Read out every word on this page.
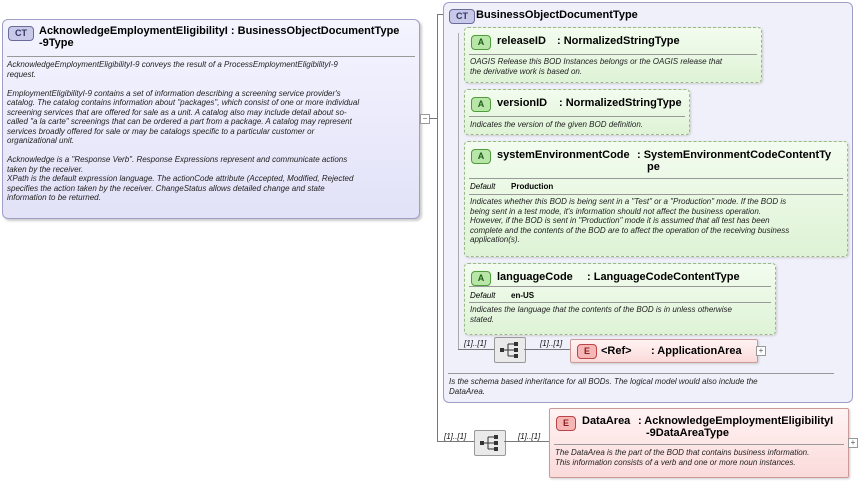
CT	AcknowledgeEmploymentEligibilityI : BusinessObjectDocumentType
-9Type
AcknowledgeEmploymentEligibilityI-9 conveys the result of a ProcessEmploymentEligibilityI-9
request.

EmploymentEligibilityI-9 contains a set of information describing a screening service provider's
catalog. The catalog contains information about "packages", which consist of one or more individual
screening services that are offered for sale as a unit. A catalog also may include detail about so-
called "a la carte" screenings that can be ordered a part from a package. A catalog may represent
services broadly offered for sale or may be catalogs specific to a particular customer or
organizational unit.

Acknowledge is a "Response Verb". Response Expressions represent and communicate actions
taken by the receiver.
XPath is the default expression language. The actionCode attribute (Accepted, Modified, Rejected
specifies the action taken by the receiver. ChangeStatus allows detailed change and state
information to be returned.
−
CT BusinessObjectDocumentType
A	releaseID : NormalizedStringType
OAGIS Release this BOD Instances belongs or the OAGIS release that
the derivative work is based on.
A	versionID : NormalizedStringType
Indicates the version of the given BOD definition.
A	systemEnvironmentCode : SystemEnvironmentCodeContentTy
pe
Default Production
Indicates whether this BOD is being sent in a "Test" or a "Production" mode. If the BOD is
being sent in a test mode, it's information should not affect the business operation.
However, if the BOD is sent in "Production" mode it is assumed that all test has been
complete and the contents of the BOD are to affect the operation of the receiving business
application(s).
A	languageCode : LanguageCodeContentType
Default en-US
Indicates the language that the contents of the BOD is in unless otherwise
stated.
[1]..[1]	[1]..[1]
E	<Ref> : ApplicationArea	+
Is the schema based inheritance for all BODs. The logical model would also include the
DataArea.
[1]..[1]	[1]..[1]
E	DataArea : AcknowledgeEmploymentEligibilityI
-9DataAreaType
The DataArea is the part of the BOD that contains business information.
This information consists of a verb and one or more noun instances.
+
